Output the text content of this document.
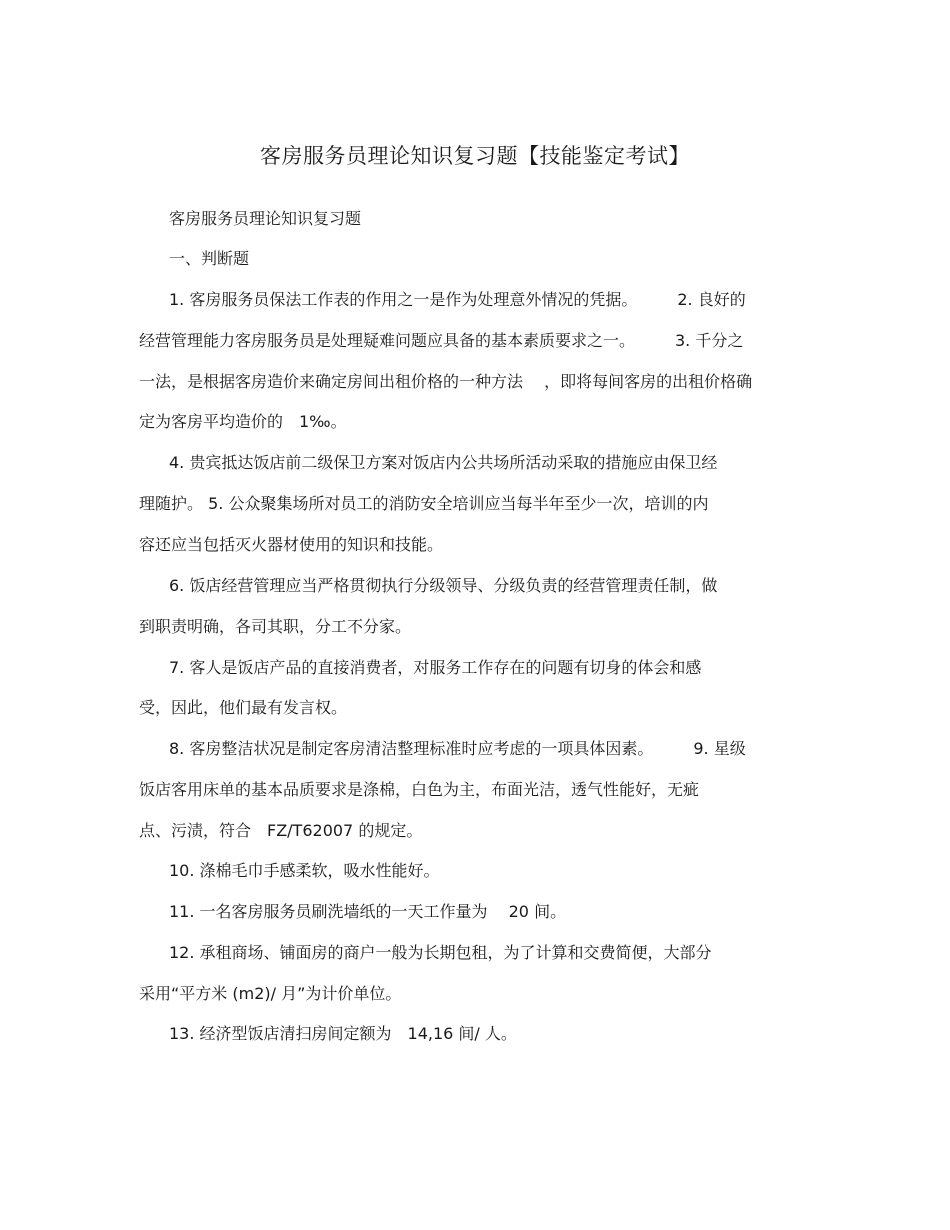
客房服务员理论知识复习题【技能鉴定考试】
客房服务员理论知识复习题
一、判断题
1. 客房服务员保法工作表的作用之一是作为处理意外情况的凭据。　　　2. 良好的
经营管理能力客房服务员是处理疑难问题应具备的基本素质要求之一。　　　3. 千分之
一法，是根据客房造价来确定房间出租价格的一种方法　 ，即将每间客房的出租价格确
定为客房平均造价的　1‰。
4. 贵宾抵达饭店前二级保卫方案对饭店内公共场所活动采取的措施应由保卫经
理随护。 5. 公众聚集场所对员工的消防安全培训应当每半年至少一次，培训的内
容还应当包括灭火器材使用的知识和技能。
6. 饭店经营管理应当严格贯彻执行分级领导、分级负责的经营管理责任制，做
到职责明确，各司其职，分工不分家。
7. 客人是饭店产品的直接消费者，对服务工作存在的问题有切身的体会和感
受，因此，他们最有发言权。
8. 客房整洁状况是制定客房清洁整理标准时应考虑的一项具体因素。　　　9. 星级
饭店客用床单的基本品质要求是涤棉，白色为主，布面光洁，透气性能好，无疵
点、污渍，符合　FZ/T62007 的规定。
10. 涤棉毛巾手感柔软，吸水性能好。
11. 一名客房服务员刷洗墙纸的一天工作量为　 20 间。
12. 承租商场、铺面房的商户一般为长期包租，为了计算和交费简便，大部分
采用“平方米 (m2)/ 月”为计价单位。
13. 经济型饭店清扫房间定额为　14,16 间/ 人。
